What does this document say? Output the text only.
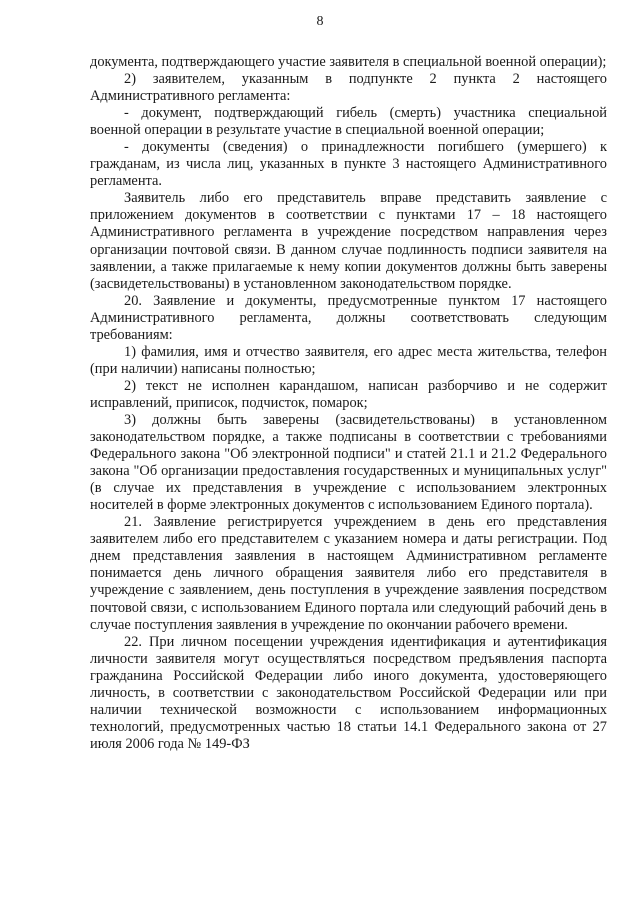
8

документа, подтверждающего участие заявителя в специальной военной операции);

2) заявителем, указанным в подпункте 2 пункта 2 настоящего Административного регламента:

- документ, подтверждающий гибель (смерть) участника специальной военной операции в результате участие в специальной военной операции;

- документы (сведения) о принадлежности погибшего (умершего) к гражданам, из числа лиц, указанных в пункте 3 настоящего Административного регламента.

Заявитель либо его представитель вправе представить заявление с приложением документов в соответствии с пунктами 17 – 18 настоящего Административного регламента в учреждение посредством направления через организации почтовой связи. В данном случае подлинность подписи заявителя на заявлении, а также прилагаемые к нему копии документов должны быть заверены (засвидетельствованы) в установленном законодательством порядке.

20. Заявление и документы, предусмотренные пунктом 17 настоящего Административного регламента, должны соответствовать следующим требованиям:

1) фамилия, имя и отчество заявителя, его адрес места жительства, телефон (при наличии) написаны полностью;

2) текст не исполнен карандашом, написан разборчиво и не содержит исправлений, приписок, подчисток, помарок;

3) должны быть заверены (засвидетельствованы) в установленном законодательством порядке, а также подписаны в соответствии с требованиями Федерального закона "Об электронной подписи" и статей 21.1 и 21.2 Федерального закона "Об организации предоставления государственных и муниципальных услуг" (в случае их представления в учреждение с использованием электронных носителей в форме электронных документов с использованием Единого портала).

21. Заявление регистрируется учреждением в день его представления заявителем либо его представителем с указанием номера и даты регистрации. Под днем представления заявления в настоящем Административном регламенте понимается день личного обращения заявителя либо его представителя в учреждение с заявлением, день поступления в учреждение заявления посредством почтовой связи, с использованием Единого портала или следующий рабочий день в случае поступления заявления в учреждение по окончании рабочего времени.

22. При личном посещении учреждения идентификация и аутентификация личности заявителя могут осуществляться посредством предъявления паспорта гражданина Российской Федерации либо иного документа, удостоверяющего личность, в соответствии с законодательством Российской Федерации или при наличии технической возможности с использованием информационных технологий, предусмотренных частью 18 статьи 14.1 Федерального закона от 27 июля 2006 года № 149-ФЗ
